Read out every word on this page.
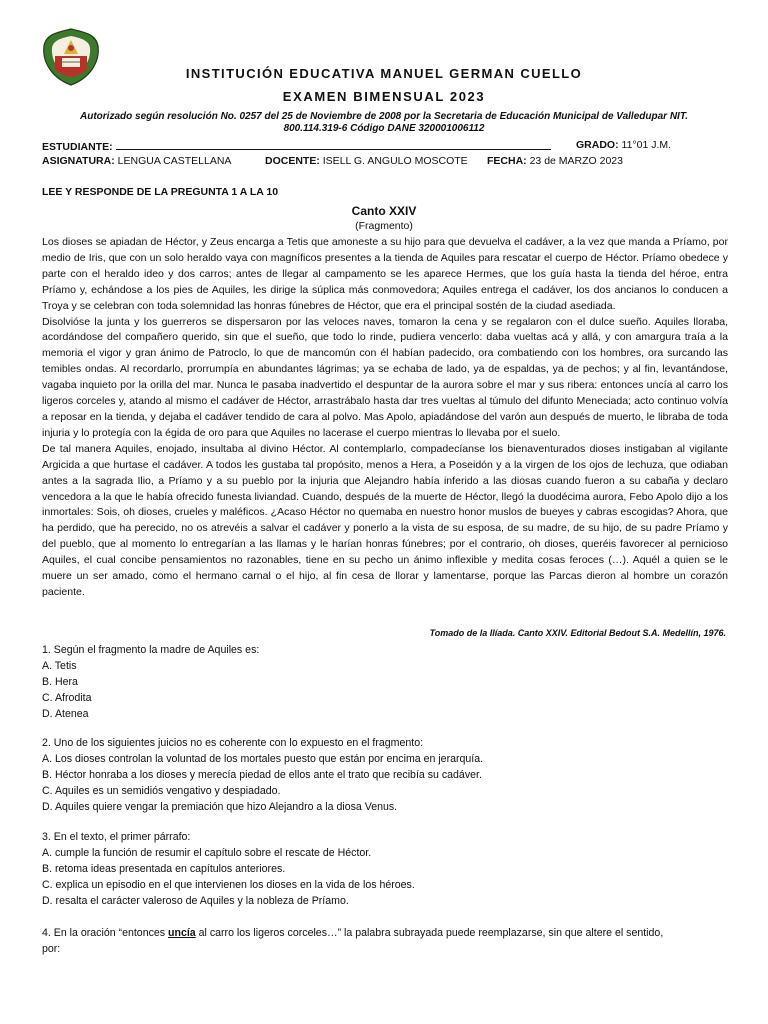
INSTITUCIÓN EDUCATIVA MANUEL GERMAN CUELLO
EXAMEN BIMENSUAL 2023
Autorizado según resolución No. 0257 del 25 de Noviembre de 2008 por la Secretaria de Educación Municipal de Valledupar NIT.
800.114.319-6 Código DANE 320001006112
ESTUDIANTE:	GRADO: 11°01 J.M.
ASIGNATURA: LENGUA CASTELLANA	DOCENTE: ISELL G. ANGULO MOSCOTE FECHA: 23 de MARZO 2023
LEE Y RESPONDE DE LA PREGUNTA 1 A LA 10
Canto XXIV
(Fragmento)

Los dioses se apiadan de Héctor, y Zeus encarga a Tetis que amoneste a su hijo para que devuelva el cadáver, a la vez que manda a Príamo, por medio de Iris, que con un solo heraldo vaya con magníficos presentes a la tienda de Aquiles para rescatar el cuerpo de Héctor. Príamo obedece y parte con el heraldo ideo y dos carros; antes de llegar al campamento se les aparece Hermes, que los guía hasta la tienda del héroe, entra Príamo y, echándose a los pies de Aquiles, les dirige la súplica más conmovedora; Aquiles entrega el cadáver, los dos ancianos lo conducen a Troya y se celebran con toda solemnidad las honras fúnebres de Héctor, que era el principal sostén de la ciudad asediada.

Disolvióse la junta y los guerreros se dispersaron por las veloces naves, tomaron la cena y se regalaron con el dulce sueño. Aquiles lloraba, acordándose del compañero querido, sin que el sueño, que todo lo rinde, pudiera vencerlo: daba vueltas acá y allá, y con amargura traía a la memoria el vigor y gran ánimo de Patroclo, lo que de mancomún con él habían padecido, ora combatiendo con los hombres, ora surcando las temibles ondas. Al recordarlo, prorrumpía en abundantes lágrimas; ya se echaba de lado, ya de espaldas, ya de pechos; y al fin, levantándose, vagaba inquieto por la orilla del mar. Nunca le pasaba inadvertido el despuntar de la aurora sobre el mar y sus ribera: entonces uncía al carro los ligeros corceles y, atando al mismo el cadáver de Héctor, arrastrábalo hasta dar tres vueltas al túmulo del difunto Meneciada; acto continuo volvía a reposar en la tienda, y dejaba el cadáver tendido de cara al polvo. Mas Apolo, apiadándose del varón aun después de muerto, le libraba de toda injuria y lo protegía con la égida de oro para que Aquiles no lacerase el cuerpo mientras lo llevaba por el suelo.

De tal manera Aquiles, enojado, insultaba al divino Héctor. Al contemplarlo, compadecíanse los bienaventurados dioses instigaban al vigilante Argicida a que hurtase el cadáver. A todos les gustaba tal propósito, menos a Hera, a Poseidón y a la virgen de los ojos de lechuza, que odiaban antes a la sagrada Ilio, a Príamo y a su pueblo por la injuria que Alejandro había inferido a las diosas cuando fueron a su cabaña y declaro vencedora a la que le había ofrecido funesta liviandad. Cuando, después de la muerte de Héctor, llegó la duodécima aurora, Febo Apolo dijo a los inmortales: Sois, oh dioses, crueles y maléficos. ¿Acaso Héctor no quemaba en nuestro honor muslos de bueyes y cabras escogidas? Ahora, que ha perdido, que ha perecido, no os atrevéis a salvar el cadáver y ponerlo a la vista de su esposa, de su madre, de su hijo, de su padre Príamo y del pueblo, que al momento lo entregarían a las llamas y le harían honras fúnebres; por el contrario, oh dioses, queréis favorecer al pernicioso Aquiles, el cual concibe pensamientos no razonables, tiene en su pecho un ánimo inflexible y medita cosas feroces (…). Aquél a quien se le muere un ser amado, como el hermano carnal o el hijo, al fin cesa de llorar y lamentarse, porque las Parcas dieron al hombre un corazón paciente.

Tomado de la Ilíada. Canto XXIV. Editorial Bedout S.A. Medellín, 1976.
1. Según el fragmento la madre de Aquiles es:
A. Tetis
B. Hera
C. Afrodita
D. Atenea
2. Uno de los siguientes juicios no es coherente con lo expuesto en el fragmento:
A. Los dioses controlan la voluntad de los mortales puesto que están por encima en jerarquía.
B. Héctor honraba a los dioses y merecía piedad de ellos ante el trato que recibía su cadáver.
C. Aquiles es un semidiós vengativo y despiadado.
D. Aquiles quiere vengar la premiación que hizo Alejandro a la diosa Venus.
3. En el texto, el primer párrafo:
A. cumple la función de resumir el capítulo sobre el rescate de Héctor.
B. retoma ideas presentada en capítulos anteriores.
C. explica un episodio en el que intervienen los dioses en la vida de los héroes.
D. resalta el carácter valeroso de Aquiles y la nobleza de Príamo.
4. En la oración “entonces uncía al carro los ligeros corceles…” la palabra subrayada puede reemplazarse, sin que altere el sentido,
por:
